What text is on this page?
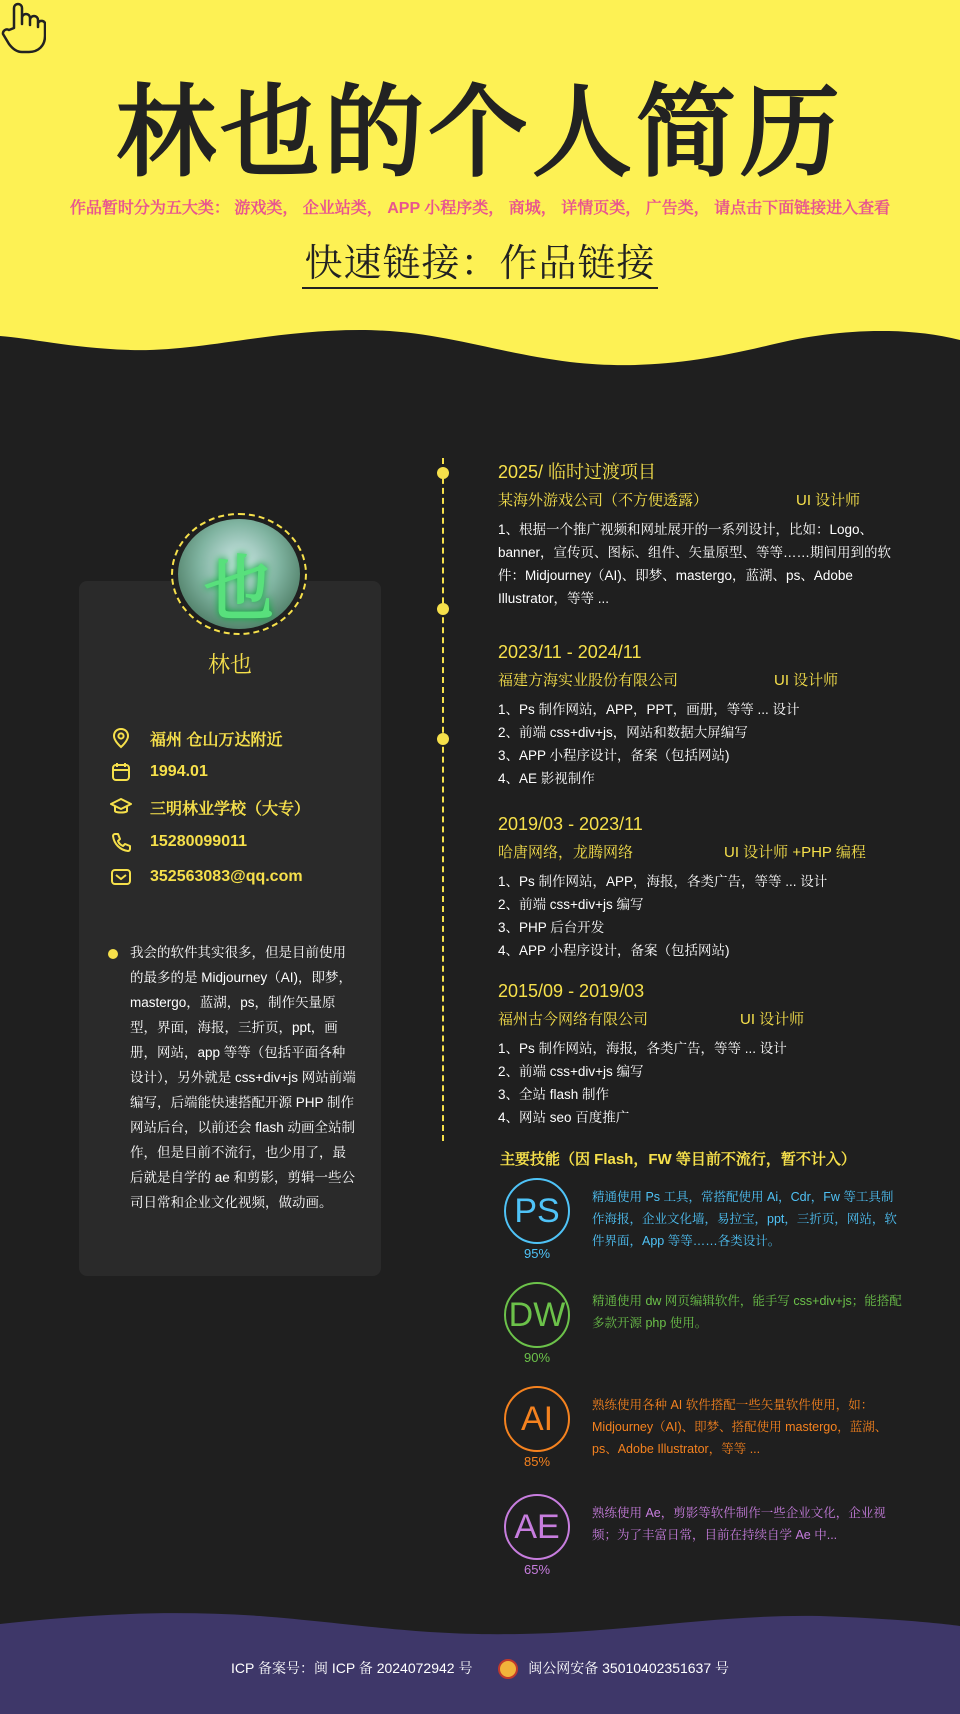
林也的个人简历
作品暂时分为五大类： 游戏类， 企业站类， APP 小程序类， 商城， 详情页类， 广告类， 请点击下面链接进入查看
快速链接：作品链接
也
林也
福州 仓山万达附近
1994.01
三明林业学校（大专）
15280099011
352563083@qq.com

我会的软件其实很多，但是目前使用的最多的是 Midjourney（AI)，即梦，mastergo，蓝湖，ps，制作矢量原型，界面，海报，三折页，ppt，画册，网站，app 等等（包括平面各种设计），另外就是 css+div+js 网站前端编写，后端能快速搭配开源 PHP 制作网站后台，以前还会 flash 动画全站制作，但是目前不流行，也少用了，最后就是自学的 ae 和剪影，剪辑一些公司日常和企业文化视频，做动画。

2025/ 临时过渡项目
某海外游戏公司（不方便透露）	UI 设计师
1、根据一个推广视频和网址展开的一系列设计，比如：Logo、banner，宣传页、图标、组件、矢量原型、等等……期间用到的软件：Midjourney（AI)、即梦、mastergo，蓝湖、ps、Adobe Illustrator，等等 ...
2023/11 - 2024/11
福建方海实业股份有限公司	UI 设计师
1、Ps 制作网站，APP，PPT，画册，等等 ... 设计
2、前端 css+div+js，网站和数据大屏编写
3、APP 小程序设计，备案（包括网站)
4、AE 影视制作
2019/03 - 2023/11
哈唐网络，龙腾网络	UI 设计师 +PHP 编程
1、Ps 制作网站，APP，海报，各类广告，等等 ... 设计
2、前端 css+div+js 编写
3、PHP 后台开发
4、APP 小程序设计，备案（包括网站)
2015/09 - 2019/03
福州古今网络有限公司	UI 设计师
1、Ps 制作网站，海报，各类广告，等等 ... 设计
2、前端 css+div+js 编写
3、全站 flash 制作
4、网站 seo 百度推广
主要技能（因 Flash，FW 等目前不流行，暂不计入）
PS
95%
精通使用 Ps 工具，常搭配使用 Ai，Cdr，Fw 等工具制作海报，企业文化墙，易拉宝，ppt，三折页，网站，软件界面，App 等等……各类设计。
DW
90%
精通使用 dw 网页编辑软件，能手写 css+div+js；能搭配多款开源 php 使用。
AI
85%
熟练使用各种 AI 软件搭配一些矢量软件使用，如：Midjourney（AI)、即梦、搭配使用 mastergo，蓝湖、ps、Adobe Illustrator，等等 ...
AE
65%
熟练使用 Ae，剪影等软件制作一些企业文化，企业视频；为了丰富日常，目前在持续自学 Ae 中...
ICP 备案号：闽 ICP 备 2024072942 号	闽公网安备 35010402351637 号
